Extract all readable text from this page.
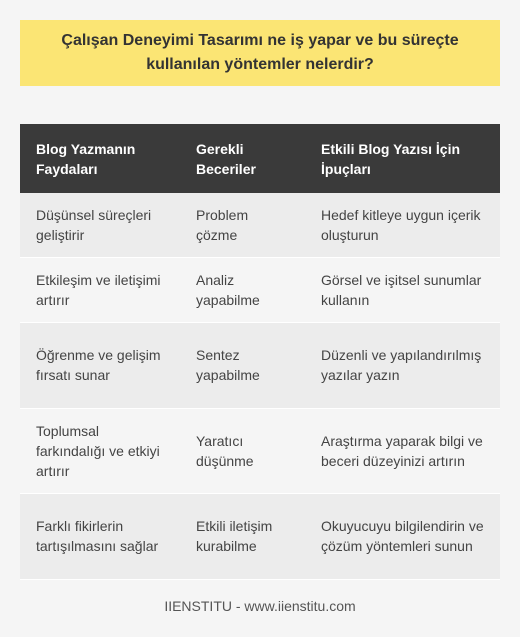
Çalışan Deneyimi Tasarımı ne iş yapar ve bu süreçte kullanılan yöntemler nelerdir?
Blog Yazmanın Faydaları	Gerekli Beceriler	Etkili Blog Yazısı İçin İpuçları
Düşünsel süreçleri geliştirir	Problem çözme	Hedef kitleye uygun içerik oluşturun
Etkileşim ve iletişimi artırır	Analiz yapabilme	Görsel ve işitsel sunumlar kullanın
Öğrenme ve gelişim fırsatı sunar	Sentez yapabilme	Düzenli ve yapılandırılmış yazılar yazın
Toplumsal farkındalığı ve etkiyi artırır	Yaratıcı düşünme	Araştırma yaparak bilgi ve beceri düzeyinizi artırın
Farklı fikirlerin tartışılmasını sağlar	Etkili iletişim kurabilme	Okuyucuyu bilgilendirin ve çözüm yöntemleri sunun
IIENSTITU - www.iienstitu.com
